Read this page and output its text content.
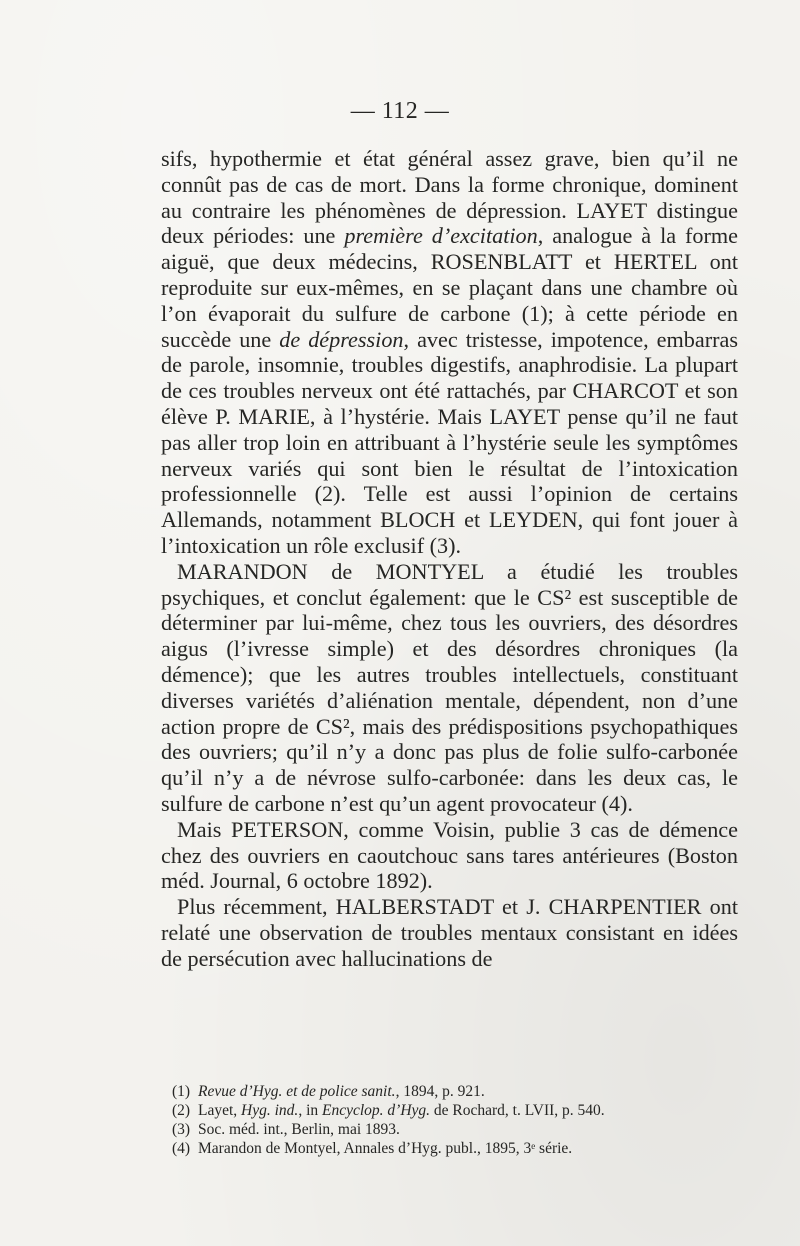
— 112 —

sifs, hypothermie et état général assez grave, bien qu’il ne connût pas de cas de mort. Dans la forme chronique, dominent au contraire les phénomènes de dépression. LAYET distingue deux périodes: une première d’excitation, analogue à la forme aiguë, que deux médecins, ROSENBLATT et HERTEL ont reproduite sur eux-mêmes, en se plaçant dans une chambre où l’on évaporait du sulfure de carbone (1); à cette période en succède une de dépression, avec tristesse, impotence, embarras de parole, insomnie, troubles digestifs, anaphrodisie. La plupart de ces troubles nerveux ont été rattachés, par CHARCOT et son élève P. MARIE, à l’hystérie. Mais LAYET pense qu’il ne faut pas aller trop loin en attribuant à l’hystérie seule les symptômes nerveux variés qui sont bien le résultat de l’intoxication professionnelle (2). Telle est aussi l’opinion de certains Allemands, notamment BLOCH et LEYDEN, qui font jouer à l’intoxication un rôle exclusif (3).

MARANDON de MONTYEL a étudié les troubles psychiques, et conclut également: que le CS² est susceptible de déterminer par lui-même, chez tous les ouvriers, des désordres aigus (l’ivresse simple) et des désordres chroniques (la démence); que les autres troubles intellectuels, constituant diverses variétés d’aliénation mentale, dépendent, non d’une action propre de CS², mais des prédispositions psychopathiques des ouvriers; qu’il n’y a donc pas plus de folie sulfo-carbonée qu’il n’y a de névrose sulfo-carbonée: dans les deux cas, le sulfure de carbone n’est qu’un agent provocateur (4).

Mais PETERSON, comme Voisin, publie 3 cas de démence chez des ouvriers en caoutchouc sans tares antérieures (Boston méd. Journal, 6 octobre 1892).

Plus récemment, HALBERSTADT et J. CHARPENTIER ont relaté une observation de troubles mentaux consistant en idées de persécution avec hallucinations de

(1) Revue d’Hyg. et de police sanit., 1894, p. 921.
(2) Layet, Hyg. ind., in Encyclop. d’Hyg. de Rochard, t. LVII, p. 540.
(3) Soc. méd. int., Berlin, mai 1893.
(4) Marandon de Montyel, Annales d’Hyg. publ., 1895, 3ᵉ série.
